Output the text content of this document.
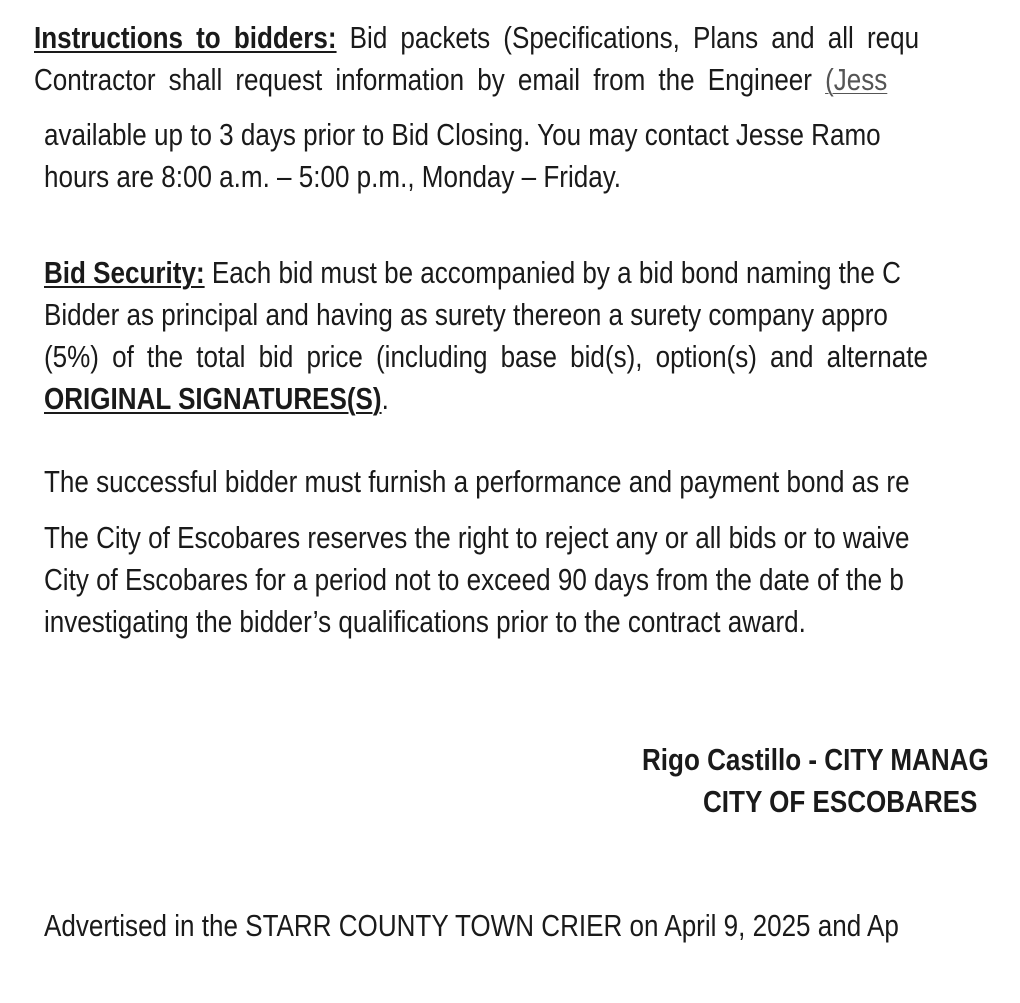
Instructions to bidders: Bid packets (Specifications, Plans and all requ
Contractor shall request information by email from the Engineer (Jess
available up to 3 days prior to Bid Closing. You may contact Jesse Ramo
hours are 8:00 a.m. – 5:00 p.m., Monday – Friday.
Bid Security: Each bid must be accompanied by a bid bond naming the C
Bidder as principal and having as surety thereon a surety company appro
(5%) of the total bid price (including base bid(s), option(s) and alternate
ORIGINAL SIGNATURES(S).
The successful bidder must furnish a performance and payment bond as re
The City of Escobares reserves the right to reject any or all bids or to waive
City of Escobares for a period not to exceed 90 days from the date of the b
investigating the bidder’s qualifications prior to the contract award.
Rigo Castillo - CITY MANAG
CITY OF ESCOBARES
Advertised in the STARR COUNTY TOWN CRIER on April 9, 2025 and Ap
